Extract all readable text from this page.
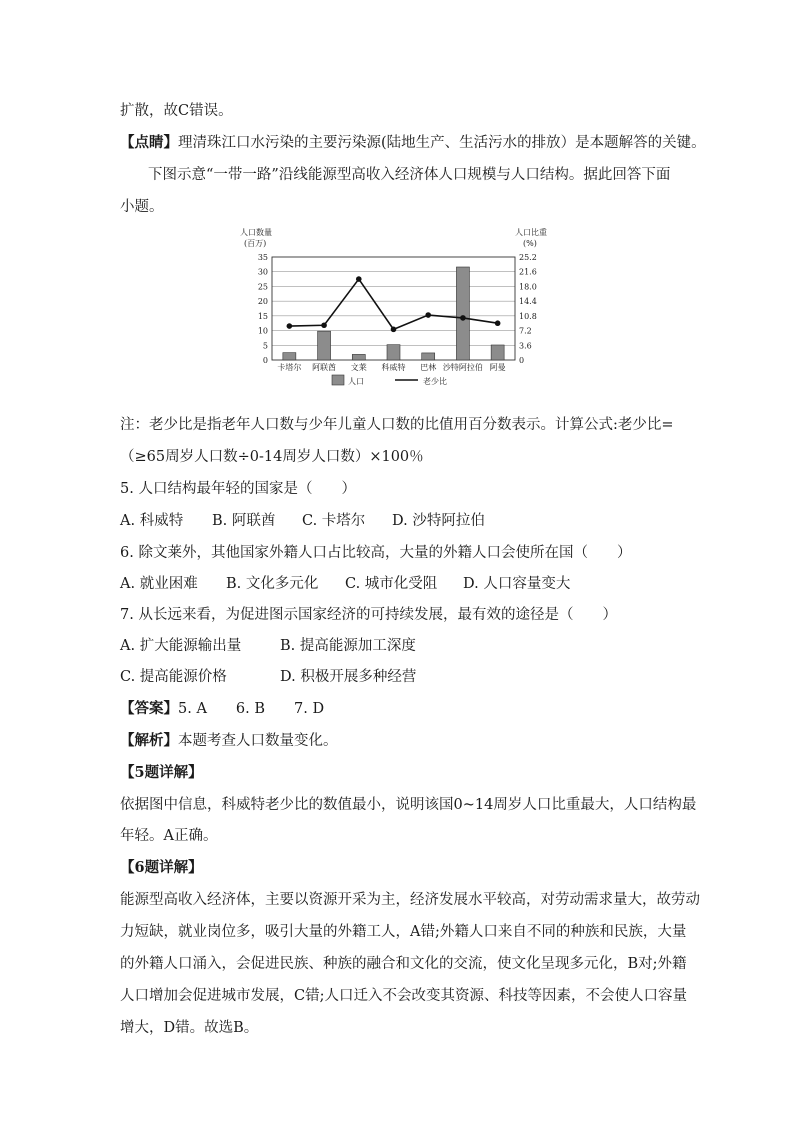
扩散，故C错误。
【点睛】理清珠江口水污染的主要污染源(陆地生产、生活污水的排放）是本题解答的关键。
下图示意“一带一路”沿线能源型高收入经济体人口规模与人口结构。据此回答下面
小题。
人口数量
(百万)
人口比重
(%)
0
5
10
15
20
25
30
35
0
3.6
7.2
10.8
14.4
18.0
21.6
25.2
卡塔尔 阿联酋 文莱 科威特 巴林 沙特阿拉伯 阿曼
人口	老少比
注：老少比是指老年人口数与少年儿童人口数的比值用百分数表示。计算公式:老少比=
（≥65周岁人口数÷0-14周岁人口数）×100％
5. 人口结构最年轻的国家是（　　）
A. 科威特 B. 阿联酋 C. 卡塔尔 D. 沙特阿拉伯
6. 除文莱外，其他国家外籍人口占比较高，大量的外籍人口会使所在国（　　）
A. 就业困难 B. 文化多元化 C. 城市化受阻 D. 人口容量变大
7. 从长远来看，为促进图示国家经济的可持续发展，最有效的途径是（　　）
A. 扩大能源输出量	B. 提高能源加工深度
C. 提高能源价格	D. 积极开展多种经营
【答案】5. A　　6. B　　7. D
【解析】本题考查人口数量变化。
【5题详解】
依据图中信息，科威特老少比的数值最小，说明该国0~14周岁人口比重最大，人口结构最
年轻。A正确。
【6题详解】
能源型高收入经济体，主要以资源开采为主，经济发展水平较高，对劳动需求量大，故劳动
力短缺，就业岗位多，吸引大量的外籍工人，A错;外籍人口来自不同的种族和民族，大量
的外籍人口涌入，会促进民族、种族的融合和文化的交流，使文化呈现多元化，B对;外籍
人口增加会促进城市发展，C错;人口迁入不会改变其资源、科技等因素，不会使人口容量
增大，D错。故选B。
